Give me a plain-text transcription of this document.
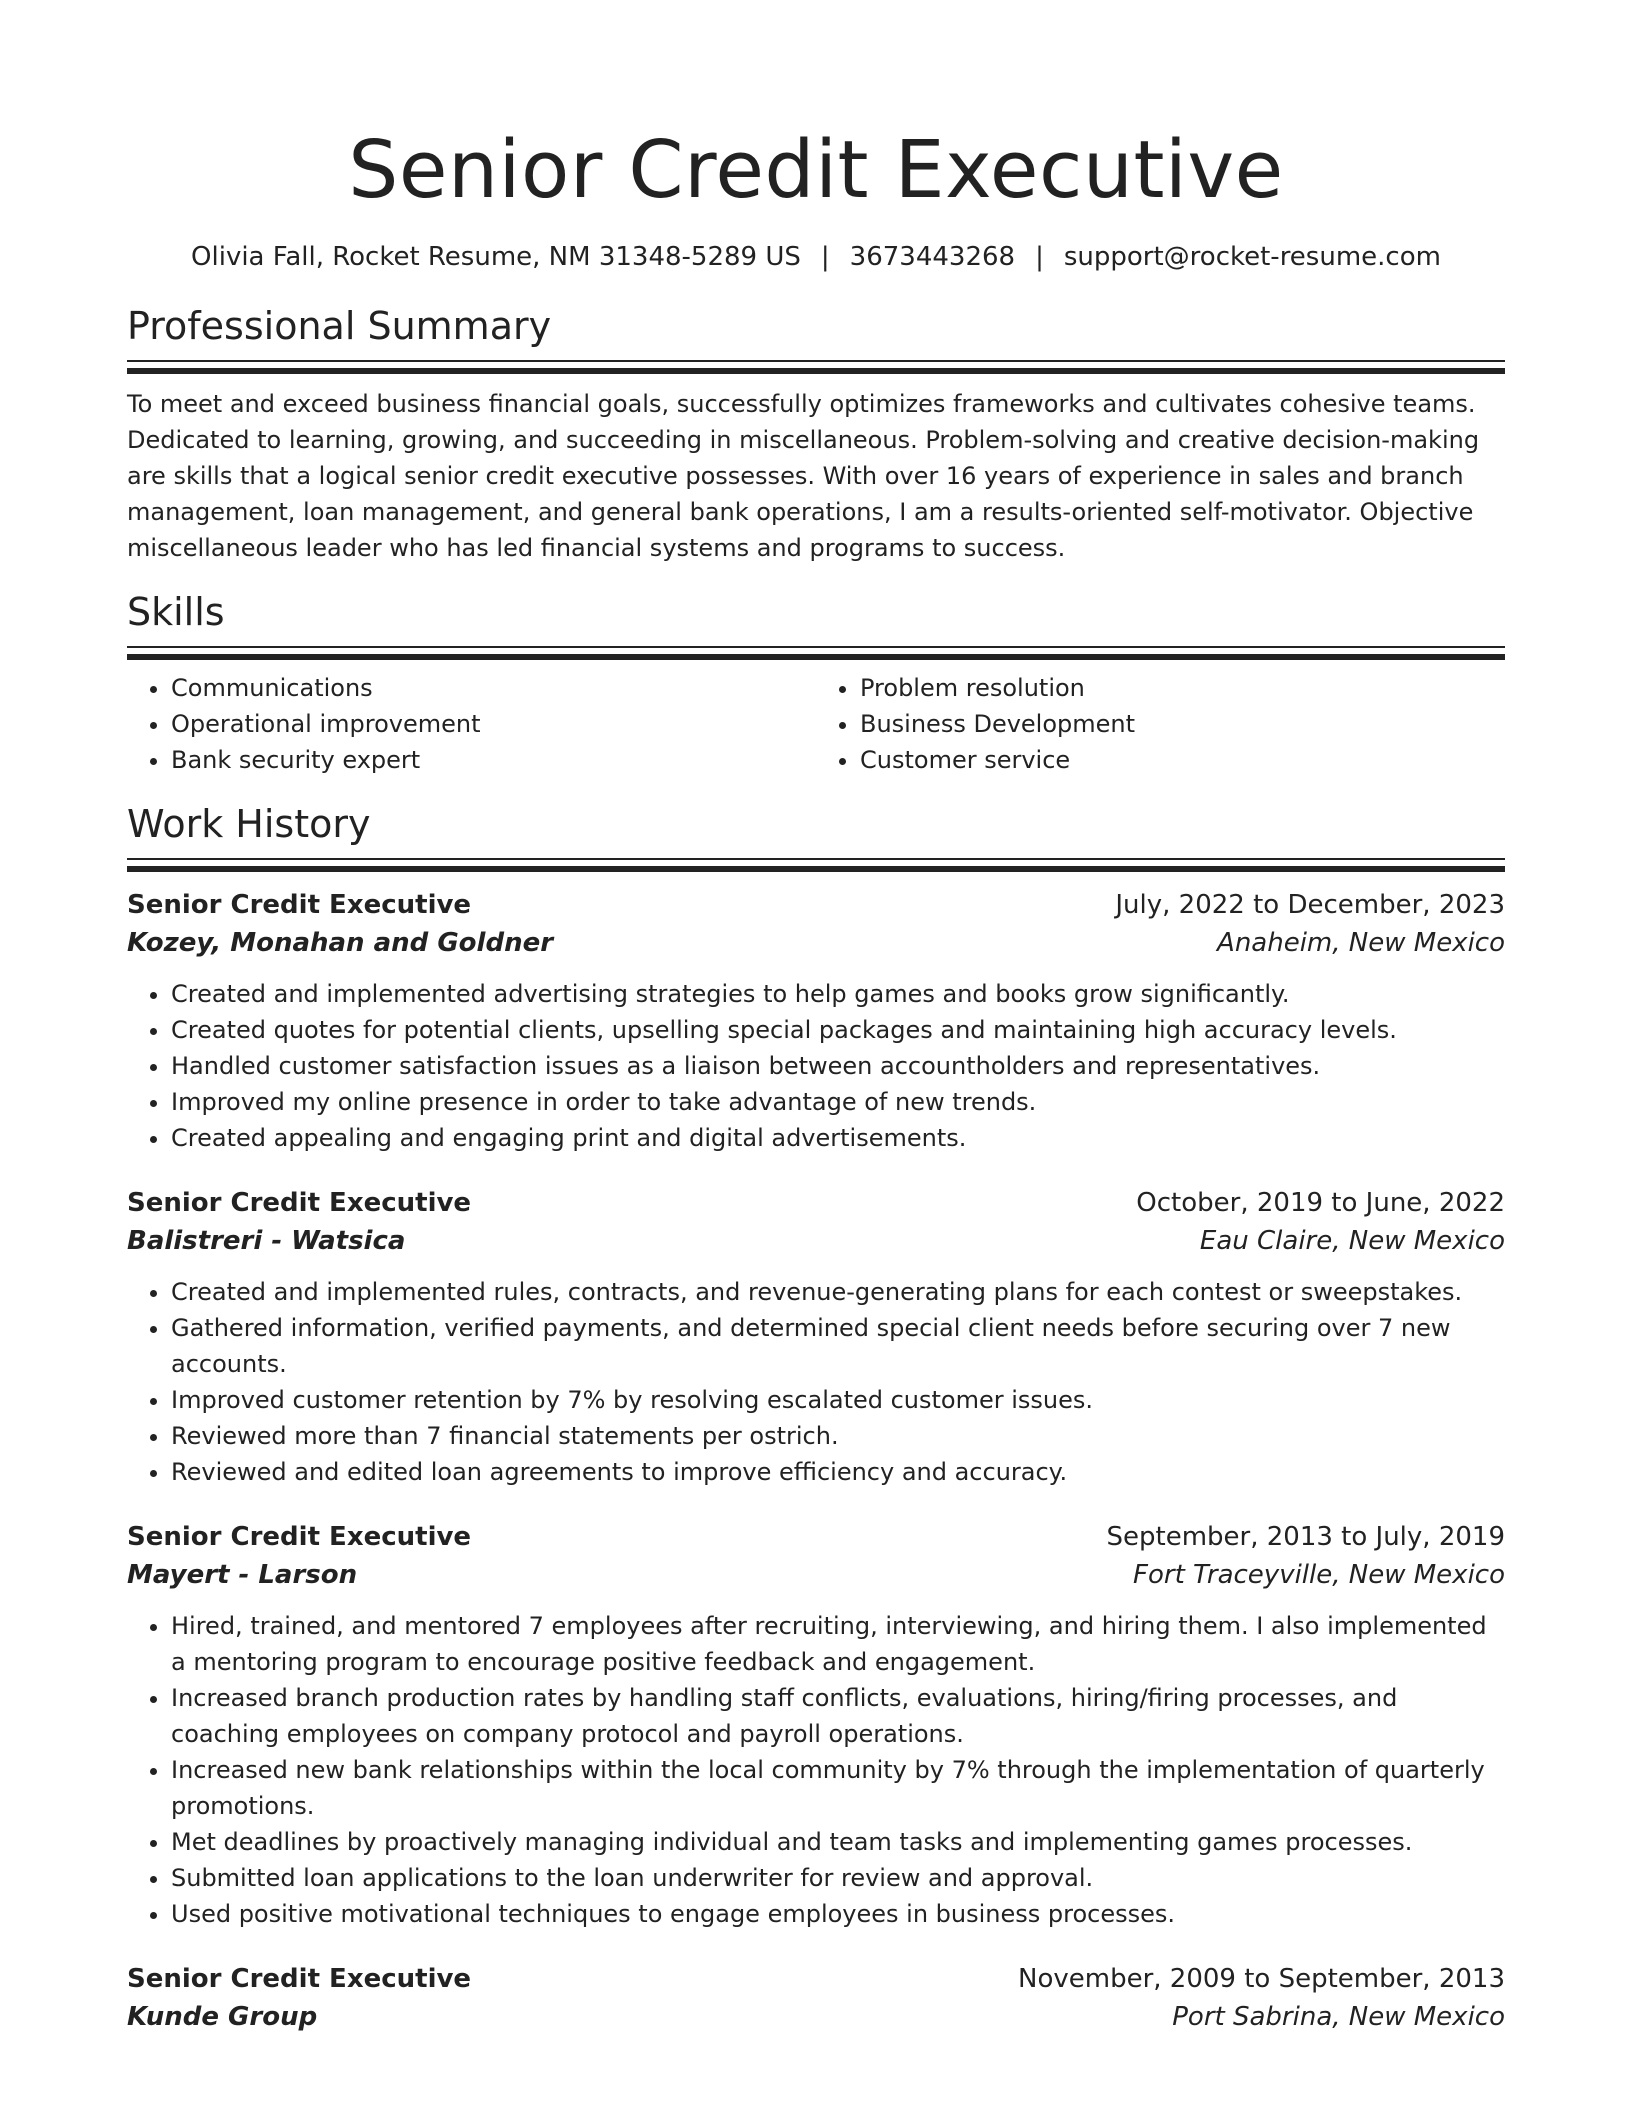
Senior Credit Executive
Olivia Fall, Rocket Resume, NM 31348-5289 US | 3673443268 | support@rocket-resume.com
Professional Summary

To meet and exceed business financial goals, successfully optimizes frameworks and cultivates cohesive teams. Dedicated to learning, growing, and succeeding in miscellaneous. Problem-solving and creative decision-making are skills that a logical senior credit executive possesses. With over 16 years of experience in sales and branch management, loan management, and general bank operations, I am a results-oriented self-motivator. Objective miscellaneous leader who has led financial systems and programs to success.

Skills
• Communications
• Operational improvement
• Bank security expert
• Problem resolution
• Business Development
• Customer service
Work History
Senior Credit Executive	July, 2022 to December, 2023
Kozey, Monahan and Goldner	Anaheim, New Mexico
• Created and implemented advertising strategies to help games and books grow significantly.
• Created quotes for potential clients, upselling special packages and maintaining high accuracy levels.
• Handled customer satisfaction issues as a liaison between accountholders and representatives.
• Improved my online presence in order to take advantage of new trends.
• Created appealing and engaging print and digital advertisements.
Senior Credit Executive	October, 2019 to June, 2022
Balistreri - Watsica	Eau Claire, New Mexico
• Created and implemented rules, contracts, and revenue-generating plans for each contest or sweepstakes.
• Gathered information, verified payments, and determined special client needs before securing over 7 new accounts.
• Improved customer retention by 7% by resolving escalated customer issues.
• Reviewed more than 7 financial statements per ostrich.
• Reviewed and edited loan agreements to improve efficiency and accuracy.
Senior Credit Executive	September, 2013 to July, 2019
Mayert - Larson	Fort Traceyville, New Mexico
• Hired, trained, and mentored 7 employees after recruiting, interviewing, and hiring them. I also implemented a mentoring program to encourage positive feedback and engagement.
• Increased branch production rates by handling staff conflicts, evaluations, hiring/firing processes, and coaching employees on company protocol and payroll operations.
• Increased new bank relationships within the local community by 7% through the implementation of quarterly promotions.
• Met deadlines by proactively managing individual and team tasks and implementing games processes.
• Submitted loan applications to the loan underwriter for review and approval.
• Used positive motivational techniques to engage employees in business processes.
Senior Credit Executive	November, 2009 to September, 2013
Kunde Group	Port Sabrina, New Mexico
